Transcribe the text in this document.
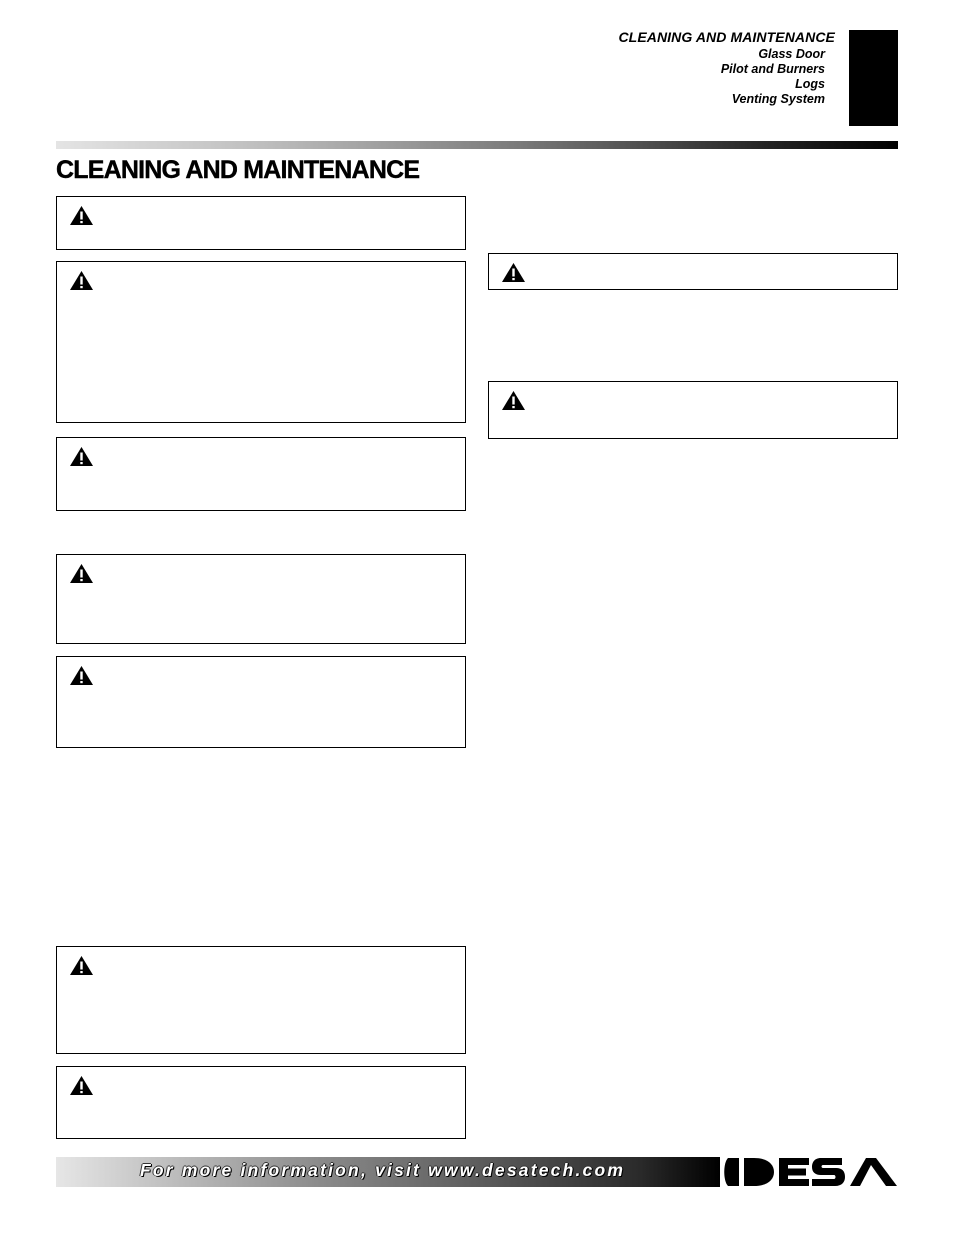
CLEANING AND MAINTENANCE
Glass Door
Pilot and Burners
Logs
Venting System
CLEANING AND MAINTENANCE
For more information, visit www.desatech.com
